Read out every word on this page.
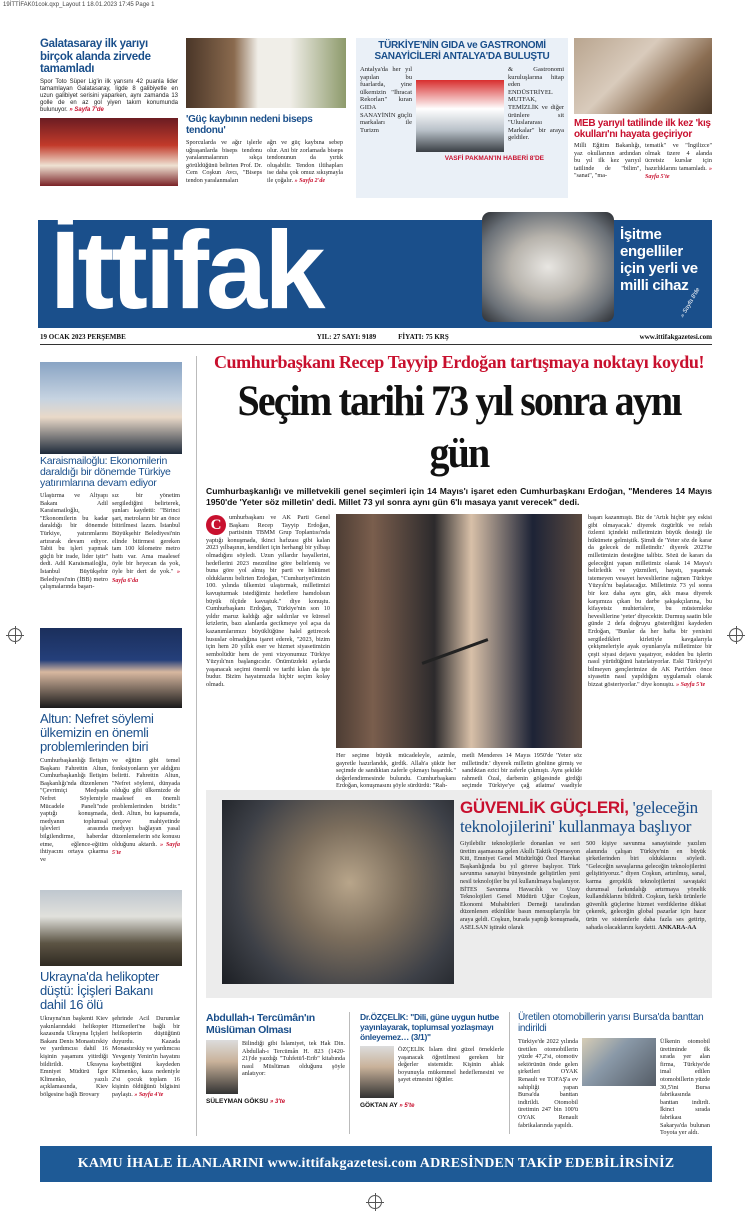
19İTTİFAK01cok.qxp_Layout 1 18.01.2023 17:45 Page 1
Galatasaray ilk yarıyı birçok alanda zirvede tamamladı
Spor Toto Süper Lig'in ilk yarısını 42 puanla lider tamamlayan Galatasaray, ligde 8 galibiyetle en uzun galibiyet serisini yaparken, aynı zamanda 13 golle de en az gol yiyen takım konumunda bulunuyor. » Sayfa 7'de
'Güç kaybının nedeni biseps tendonu'
Sporcularda ve ağır işlerle uğraşanlarda biseps tendonu yaralanmalarının sıkça görüldüğünü belirten Prof. Dr. Cem Coşkun Avcı, "Biseps tendon yaralanmaları
ağrı ve güç kaybına sebep olur. Ani bir zorlamada biseps tendonunun da yırtık oluşabilir. Tendon iltihapları ise daha çok omuz sıkışmayla ile çoğalır. » Sayfa 2'de
TÜRKİYE'NİN GIDA ve GASTRONOMİ SANAYİCİLERİ ANTALYA'DA BULUŞTU
Antalya'da her yıl yapılan bu fuarlarda, yine ülkemizin "İhracat Rekorları" kıran GIDA SANAYİNİN güçlü markaları ile Turizm
& Gastronomi kuruluşlarına hitap eden ENDÜSTRİYEL MUTFAK, TEMİZLİK ve diğer ürünlere sit "Uluslararası Markalar" bir araya geldiler.
VASFİ PAKMAN'IN HABERİ 8'DE
MEB yarıyıl tatilinde ilk kez 'kış okulları'nı hayata geçiriyor
Milli Eğitim Bakanlığı, yaz okullarının ardından bu yıl ilk kez yarıyıl tatilinde de "bilim", "sanat", "ma-
tematik" ve "İngilizce" olmak üzere 4 alanda ücretsiz kurslar için hazırlıklarını tamamladı. » Sayfa 5'te
İttifak	İşitme engelliler için yerli ve milli cihaz
» Sayfa 8'de
19 OCAK 2023 PERŞEMBE	YIL: 27 SAYI: 9189	FİYATI: 75 KRŞ	www.ittifakgazetesi.com
Karaismailoğlu: Ekonomilerin daraldığı bir dönemde Türkiye yatırımlarına devam ediyor
Ulaştırma ve Altyapı Bakanı Adil Karaismailoğlu, "Ekonomilerin bu kadar daraldığı bir dönemde Türkiye, yatırımlarını artırarak devam ediyor. Tabii bu işleri yapmak güçlü bir irade, lider iştir" dedi. Adil Karaismailoğlu, İstanbul Büyükşehir Belediyesi'nin (İBB) metro çalışmalarında başarı-
sız bir yönetim sergilediğini belirterek, şunları kaydetti: "Birinci şart, metroların bir an önce bitirilmesi lazım. İstanbul Büyükşehir Belediyesi'nin elinde bitirmesi gereken tam 100 kilometre metro hattı var. Ama maalesef öyle bir heyecan da yok, öyle bir dert de yok." » Sayfa 6'da
Altun: Nefret söylemi ülkemizin en önemli problemlerinden biri
Cumhurbaşkanlığı İletişim Başkanı Fahrettin Altun, Cumhurbaşkanlığı İletişim Başkanlığı'nda düzenlenen "Çevrimiçi Medyada Nefret Söylemiyle Mücadele Paneli"nde yaptığı konuşmada, medyanın toplumsal işlevleri arasında bilgilendirme, haberdar etme, eğlence-eğitim ihtiyacını ortaya çıkarma ve
ve eğitim gibi temel fonksiyonların yer aldığını belirtti. Fahrettin Altun, "Nefret söylemi, dünyada olduğu gibi ülkemizde de maalesef en önemli problemlerinden biridir." dedi. Altun, bu kapsamda, çerçeve mahiyetinde medyayı bağlayan yasal düzenlemelerin söz konusu olduğunu aktardı. » Sayfa 5'te
Ukrayna'da helikopter düştü: İçişleri Bakanı dahil 16 ölü
Ukrayna'nın başkenti Kiev yakınlarındaki helikopter kazasında Ukrayna İçişleri Bakanı Denis Monastırskiy ve yardımcısı dahil 16 kişinin yaşamını yitirdiği bildirildi. Ukrayna Emniyet Müdürü İgor Klimenko, yazılı açıklamasında, Kiev bölgesine bağlı Brovary
şehrinde Acil Durumlar Hizmetleri'ne bağlı bir helikopterin düştüğünü duyurdu. Kazada Monastırskiy ve yardımcısı Yevgeniy Yenin'in hayatını kaybettiğini kaydeden Klimenko, kaza nedeniyle 2'si çocuk toplam 16 kişinin öldüğünü bilgisini paylaştı. » Sayfa 4'te
Cumhurbaşkanı Recep Tayyip Erdoğan tartışmaya noktayı koydu!
Seçim tarihi 73 yıl sonra aynı gün
Cumhurbaşkanlığı ve milletvekili genel seçimleri için 14 Mayıs'ı işaret eden Cumhurbaşkanı Erdoğan, "Menderes 14 Mayıs 1950'de 'Yeter söz milletin' dedi. Millet 73 yıl sonra aynı gün 6'lı masaya yanıt verecek" dedi.
C	umhurbaşkanı ve AK Parti Genel Başkanı Recep Tayyip Erdoğan, partisinin TBMM Grup Toplantısı'nda yaptığı konuşmada, ikinci hafızası gibi kalan 2023 yılbaşının, kendileri için herhangi bir yılbaşı olmadığını söyledi. Uzun yıllardır hayallerini, hedeflerini 2023 mezniline göre belirlemiş ve buna göre yol almış bir parti ve hükümet olduklarını belirten Erdoğan, "Cumhuriyet'imizin 100. yılında ülkemizi ulaştırmak, milletimizi kavuşturmak istediğimiz hedeflere hamdolsun büyük ölçüde kavuştuk." diye konuştu. Cumhurbaşkanı Erdoğan, Türkiye'nin son 10 yıldır maruz kaldığı ağır saldırılar ve küresel krizlerin, bazı alanlarda gecikmeye yol açsa da kazanımlarımızı büyüklüğüne halel getirecek hususlar olmadığına işaret ederek, "2023, bizim için hem 20 yıllık eser ve hizmet siyasetimizin sembolüdür hem de yeni vizyonumuz Türkiye Yüzyılı'nın başlangıcıdır. Önümüzdeki aylarda yaşanacak seçimi önemli ve tarihi kılan da işte budur. Bizim hayatımızda hiçbir seçim kolay olmadı.
Her seçime büyük mücadeleyle, azimle, gayretle hazırlandık, girdik. Allah'a şükür her seçimde de sandıktan zaferle çıkmayı başardık." değerlendirmesinde bulundu. Cumhurbaşkanı Erdoğan, konuşmasını şöyle sürdürdü: "Rah-
metli Menderes 14 Mayıs 1950'de 'Yeter söz milletindir.' diyerek milletin gönlüne girmiş ve sandıktan ezici bir zaferle çıkmıştı. Aynı şekilde rahmetli Özal, darbenin gölgesinde girdiği seçimde Türkiye'ye çağ atlatma' vaadiyle
başarı kazanmıştı. Biz de 'Artık hiçbir şey eskisi gibi olmayacak.' diyerek özgürlük ve refah özlemi içindeki milletimizin büyük desteği ile hükümete gelmiştik. Şimdi de 'Yeter söz de karar da gelecek de milletindir.' diyerek 2023'te milletimizin desteğine talibiz. Sözü de kararı da geleceğini yapan milletimiz olarak 14 Mayıs'ı belirledik ve yüzmileri, hayatı, yaşamak istemeyen vesayet heveslilerine rağmen Türkiye Yüzyılı'nı başlatacağız. Milletimiz 73 yıl sonra bir kez daha aynı gün, aklı masa diyerek karşımıza çıkan bu darbe şakşakçılarına, bu kifayetsiz muhterislere, bu müstemleke heveslilerine 'yeter' diyecektir. Durmuş saatin bile günde 2 defa doğruyu gösterdiğini kaydeden Erdoğan, "Bunlar da her hafta bir yenisini sergiledikleri kirletiyle kavgalarıyla çekişmeleriyle ayak oyunlarıyla milletimize bir çeşit siyasi dejavu yaşatıyor, eskiden bu işlerin nasıl yürüdüğünü hatırlatıyorlar. Eski Türkiye'yi bilmeyen gençlerimize de AK Parti'den önce siyasetin nasıl yapıldığını uygulamalı olarak bizzat gösteriyorlar." diye konuştu. » Sayfa 5'te
GÜVENLİK GÜÇLERİ, 'geleceğin teknolojilerini' kullanmaya başlıyor
Giyilebilir teknolojilerle donanlan ve seri üretim aşamasına gelen Akıllı Taktik Operasyon Kiti, Emniyet Genel Müdürlüğü Özel Harekat Başkanlığında bu yıl göreve başlıyor. Türk savunma sanayisi bünyesinde geliştirilen yeni nesil teknolojiler bu yıl kullanılmaya başlanıyor. BİTES Savunma Havacılık ve Uzay Teknolojileri Genel Müdürü Uğur Coşkun, Ekonomi Muhabirleri Derneği tarafından düzenlenen etkinlikte basın mensuplarıyla bir araya geldi. Coşkun, burada yaptığı konuşmada, ASELSAN iştiraki olarak
500 kişiye savunma sanayisinde yazılım alanında çalışan Türkiye'nin en büyük şirketlerinden biri olduklarını söyledi. "Geleceğin savaşlarına geleceğin teknolojilerini geliştiriyoruz." diyen Coşkun, artırılmış, sanal, karma gerçeklik teknolojilerini savaştaki durumsal farkındalığı artırmaya yönelik kullandıklarını bildirdi. Coşkun, farklı ürünlerle güvenlik güçlerine hizmet verdiklerine dikkat çekerek, geleceğin global pazarlar için hazır ürün ve sistemlerle daha fazla ses getirip, sahada olacaklarını kaydetti. ANKARA-AA
Abdullah-ı Tercümân'ın Müslüman Olması
Bilindiği gibi İslamiyet, tek Hak Din. Abdullah-ı Tercümân H. 823 (1420-21)'de yazdığı "Tuhfetü'l-Erib" kitabında nasıl Müslüman olduğunu şöyle anlatıyor:
SÜLEYMAN GÖKSU » 3'te
Dr.ÖZÇELİK: "Dili, güne uygun hutbe yayınlayarak, toplumsal yozlaşmayı önleyemez… (3/1)"
ÖZÇELİK İslam dini güzel örneklerle yaşanacak öğretilmesi gereken bir değerler sistemidir. Kişinin ahlak boyunuyla mükemmel hedeflemesini ve şayet etmesini öğütler.
GÖKTAN AY » 5'te
Üretilen otomobillerin yarısı Bursa'da banttan indirildi
Türkiye'de 2022 yılında üretilen otomobillerin yüzde 47,2'si, otomotiv sektörünün önde gelen şirketleri OYAK Renault ve TOFAŞ'a ev sahipliği yapan Bursa'da banttan indirildi. Otomobil üretimin 247 bin 100'ü OYAK Renault fabrikalarında yapıldı.
Ülkenin otomobil üretiminde ilk sırada yer alan firma, Türkiye'de imal edilen otomobillerin yüzde 30,5'ini Bursa fabrikasında banttan indirdi. İkinci sırada fabrikası Sakarya'da bulunan Toyota yer aldı.
KAMU İHALE İLANLARINI www.ittifakgazetesi.com ADRESİNDEN TAKİP EDEBİLİRSİNİZ
